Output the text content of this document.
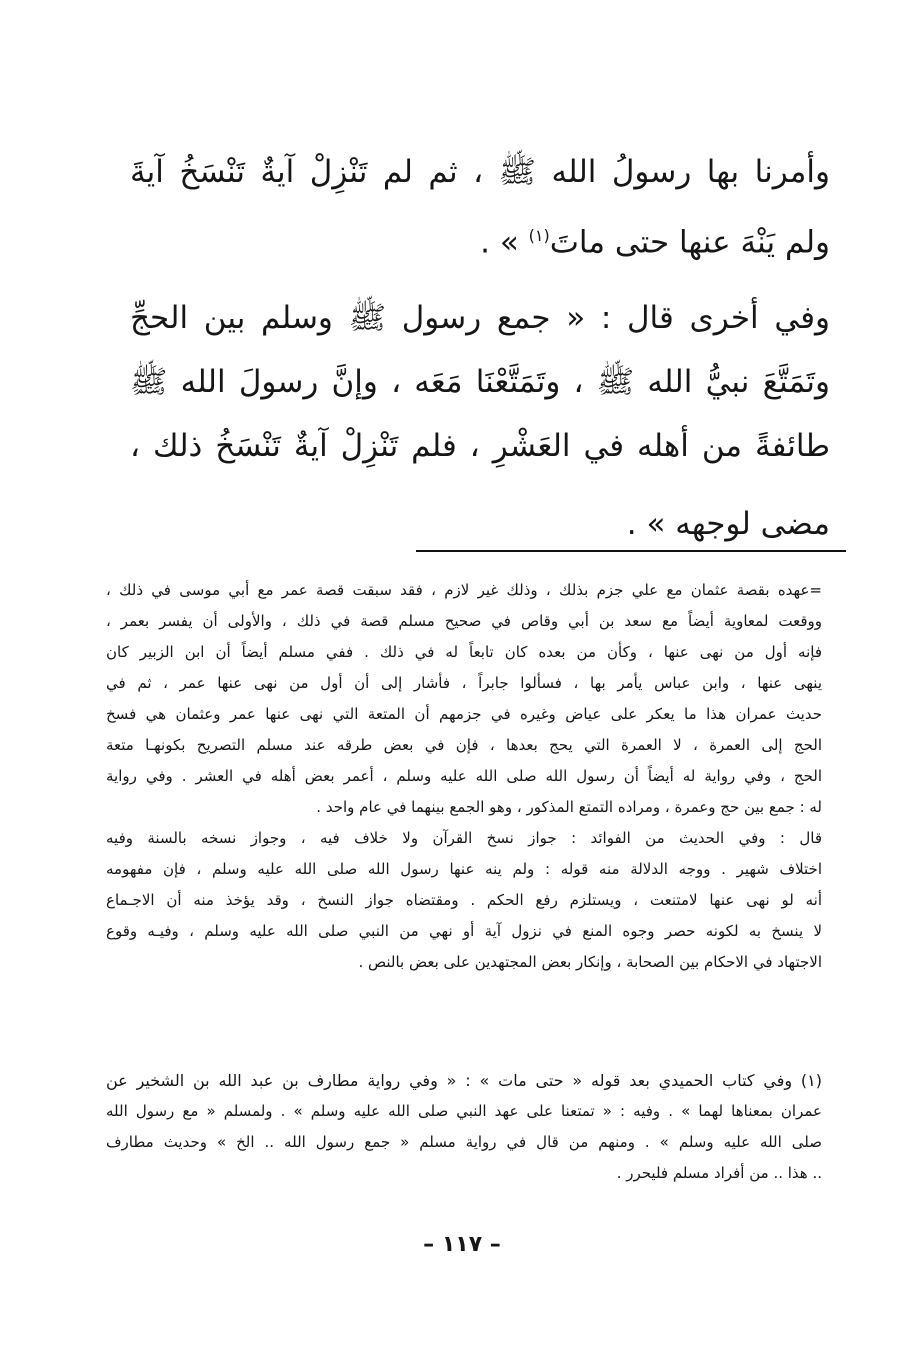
وأمرنا بها رسولُ الله ﷺ ، ثم لم تَنْزِلْ آيةٌ تَنْسَخُ آيةَ
ولم يَنْهَ عنها حتى ماتَ$^{(١)}$ » .
وفي أخرى قال : « جمع رسول ﷺ وسلم بين الحجِّ
وتَمَتَّعَ نبيُّ الله ﷺ ، وتَمَتَّعْنَا مَعَه ، وإنَّ رسولَ الله ﷺ
طائفةً من أهله في العَشْرِ ، فلم تَنْزِلْ آيةٌ تَنْسَخُ ذلك ،
مضى لوجهه » .
=عهده بقصة عثمان مع علي جزم بذلك ، وذلك غير لازم ، فقد سبقت قصة عمر مع أبي موسى في ذلك ،
ووقعت لمعاوية أيضاً مع سعد بن أبي وقاص في صحيح مسلم قصة في ذلك ، والأولى أن يفسر بعمر ،
فإنه أول من نهى عنها ، وكأن من بعده كان تابعاً له في ذلك . ففي مسلم أيضاً أن ابن الزبير كان
ينهى عنها ، وابن عباس يأمر بها ، فسألوا جابراً ، فأشار إلى أن أول من نهى عنها عمر ، ثم في
حديث عمران هذا ما يعكر على عياض وغيره في جزمهم أن المتعة التي نهى عنها عمر وعثمان هي فسخ
الحج إلى العمرة ، لا العمرة التي يحج بعدها ، فإن في بعض طرقه عند مسلم التصريح بكونهـا متعة
الحج ، وفي رواية له أيضاً أن رسول الله صلى الله عليه وسلم ، أعمر بعض أهله في العشر . وفي رواية
له : جمع بين حج وعمرة ، ومراده التمتع المذكور ، وهو الجمع بينهما في عام واحد .
قال : وفي الحديث من الفوائد : جواز نسخ القرآن ولا خلاف فيه ، وجواز نسخه بالسنة وفيه
اختلاف شهير . ووجه الدلالة منه قوله : ولم ينه عنها رسول الله صلى الله عليه وسلم ، فإن مفهومه
أنه لو نهى عنها لامتنعت ، ويستلزم رفع الحكم . ومقتضاه جواز النسخ ، وقد يؤخذ منه أن الاجـماع
لا ينسخ به لكونه حصر وجوه المنع في نزول آية أو نهي من النبي صلى الله عليه وسلم ، وفيـه وقوع
الاجتهاد في الاحكام بين الصحابة ، وإنكار بعض المجتهدين على بعض بالنص .
(١) وفي كتاب الحميدي بعد قوله « حتى مات » : « وفي رواية مطارف بن عبد الله بن الشخير عن
عمران بمعناها لهما » . وفيه : « تمتعنا على عهد النبي صلى الله عليه وسلم » . ولمسلم « مع رسول الله
صلى الله عليه وسلم » . ومنهم من قال في رواية مسلم « جمع رسول الله .. الخ » وحديث مطارف
.. هذا .. من أفراد مسلم فليحرر .
– ١١٧ –
